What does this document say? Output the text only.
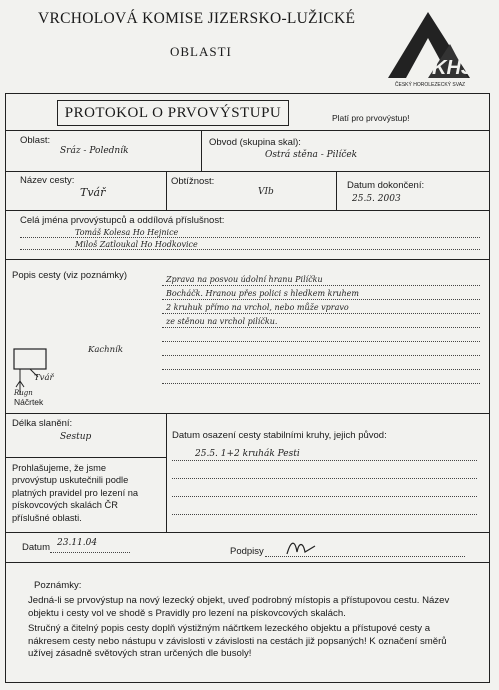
VRCHOLOVÁ KOMISE JIZERSKO-LUŽICKÉ
OBLASTI
KHS
ČESKÝ HOROLEZECKÝ SVAZ
PROTOKOL O PRVOVÝSTUPU	Platí pro prvovýstup!
Oblast:
Sráz - Poledník
Obvod (skupina skal):
Ostrá stěna - Pilíček
Název cesty:
Tvář
Obtížnost:
VIb
Datum dokončení:
25.5. 2003
Celá jména prvovýstupců a oddílová příslušnost:
Tomáš Kolesa Ho Hejnice
Miloš Zatloukal Ho Hodkovice
Popis cesty (viz poznámky)	Zprava na posvou údolní hranu Pilíčku
Bocháčk. Hranou přes polici s hledkem kruhem
2 kruhuk přímo na vrchol, nebo může vpravo
ze stěnou na vrchol pilíčku.
Kachník
Tvář
Rugn
Náčrtek
Délka slanění:
Sestup	Datum osazení cesty stabilními kruhy, jejich původ:
25.5. 1+2 kruhák Pesti
Prohlašujeme, že jsme prvovýstup uskutečnili podle platných pravidel pro lezení na pískovcových skalách ČR příslušné oblasti.
Datum 23.11.04
Podpisy
Poznámky:

Jedná-li se prvovýstup na nový lezecký objekt, uveď podrobný místopis a přístupovou cestu. Název objektu i cesty vol ve shodě s Pravidly pro lezení na pískovcových skalách.

Stručný a čitelný popis cesty doplň výstižným náčrtkem lezeckého objektu a přístupové cesty a nákresem cesty nebo nástupu v závislosti v závislosti na cestách již popsaných! K označení směrů užívej zásadně světových stran určených dle busoly!
